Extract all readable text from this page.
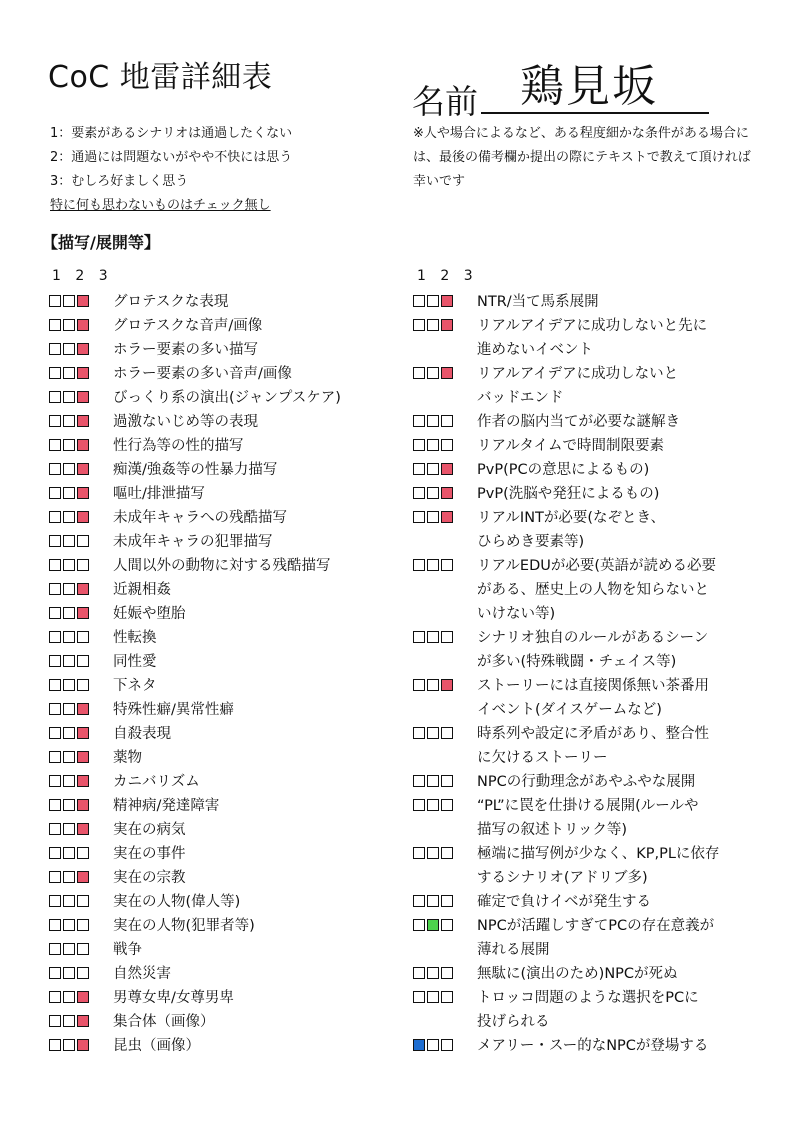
CoC 地雷詳細表
名前 鶏見坂
1：要素があるシナリオは通過したくない
2：通過には問題ないがやや不快には思う
3：むしろ好ましく思う
特に何も思わないものはチェック無し
※人や場合によるなど、ある程度細かな条件がある場合には、最後の備考欄か提出の際にテキストで教えて頂ければ幸いです
【描写/展開等】
1 2 3	1 2 3
グロテスクな表現
グロテスクな音声/画像
ホラー要素の多い描写
ホラー要素の多い音声/画像
びっくり系の演出(ジャンプスケア)
過激ないじめ等の表現
性行為等の性的描写
痴漢/強姦等の性暴力描写
嘔吐/排泄描写
未成年キャラへの残酷描写
未成年キャラの犯罪描写
人間以外の動物に対する残酷描写
近親相姦
妊娠や堕胎
性転換
同性愛
下ネタ
特殊性癖/異常性癖
自殺表現
薬物
カニバリズム
精神病/発達障害
実在の病気
実在の事件
実在の宗教
実在の人物(偉人等)
実在の人物(犯罪者等)
戦争
自然災害
男尊女卑/女尊男卑
集合体（画像）
昆虫（画像）
NTR/当て馬系展開
リアルアイデアに成功しないと先に
進めないイベント
リアルアイデアに成功しないと
バッドエンド
作者の脳内当てが必要な謎解き
リアルタイムで時間制限要素
PvP(PCの意思によるもの)
PvP(洗脳や発狂によるもの)
リアルINTが必要(なぞとき、
ひらめき要素等)
リアルEDUが必要(英語が読める必要
がある、歴史上の人物を知らないと
いけない等)
シナリオ独自のルールがあるシーン
が多い(特殊戦闘・チェイス等)
ストーリーには直接関係無い茶番用
イベント(ダイスゲームなど)
時系列や設定に矛盾があり、整合性
に欠けるストーリー
NPCの行動理念があやふやな展開
“PL”に罠を仕掛ける展開(ルールや
描写の叙述トリック等)
極端に描写例が少なく、KP,PLに依存
するシナリオ(アドリブ多)
確定で負けイベが発生する
NPCが活躍しすぎてPCの存在意義が
薄れる展開
無駄に(演出のため)NPCが死ぬ
トロッコ問題のような選択をPCに
投げられる
メアリー・スー的なNPCが登場する
